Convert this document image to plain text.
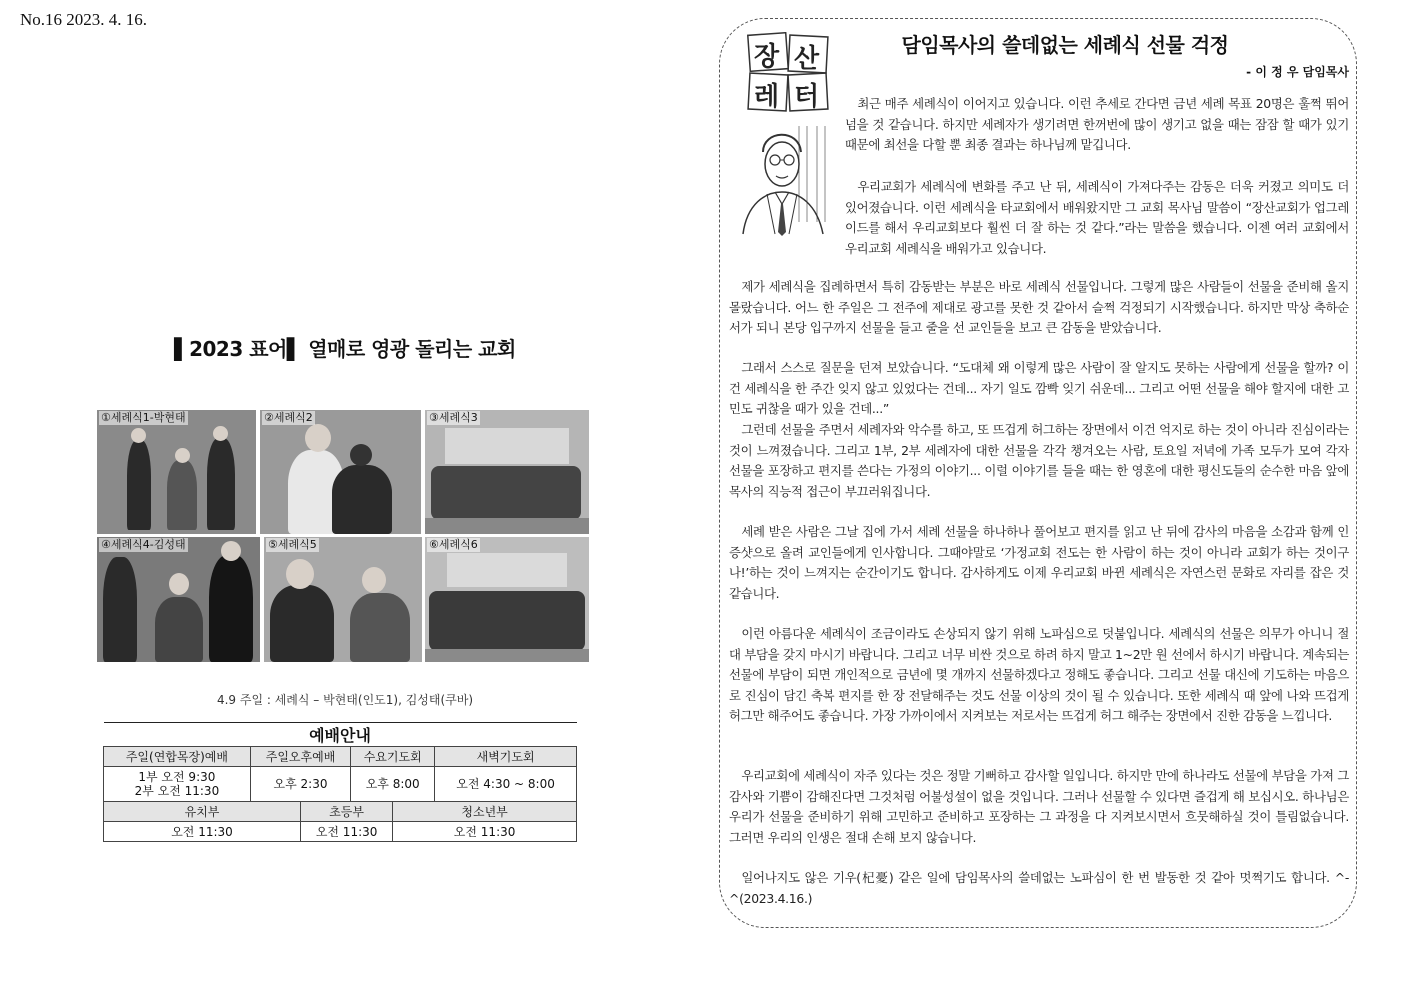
No.16 2023. 4. 16.
▌2023 표어▌ 열매로 영광 돌리는 교회
①세례식1-박현태	②세례식2	③세례식3
④세례식4-김성태	⑤세례식5	⑥세례식6
4.9 주일 : 세례식 – 박현태(인도1), 김성태(쿠바)
예배안내					
주일(연합목장)예배	주일오후예배		수요기도회		새벽기도회
1부 오전 9:30
2부 오전 11:30	오후 2:30		오후 8:00		오전 4:30 ~ 8:00
유치부		초등부		청소년부	
오전 11:30		오전 11:30		오전 11:30	
장 산
레 터
담임목사의 쓸데없는 세례식 선물 걱정
- 이 정 우 담임목사

최근 매주 세례식이 이어지고 있습니다. 이런 추세로 간다면 금년 세례 목표 20명은 훌쩍 뛰어넘을 것 같습니다. 하지만 세례자가 생기려면 한꺼번에 많이 생기고 없을 때는 잠잠 할 때가 있기 때문에 최선을 다할 뿐 최종 결과는 하나님께 맡깁니다.

우리교회가 세례식에 변화를 주고 난 뒤, 세례식이 가져다주는 감동은 더욱 커졌고 의미도 더 있어졌습니다. 이런 세례식을 타교회에서 배워왔지만 그 교회 목사님 말씀이 “장산교회가 업그레이드를 해서 우리교회보다 훨씬 더 잘 하는 것 같다.”라는 말씀을 했습니다. 이젠 여러 교회에서 우리교회 세례식을 배워가고 있습니다.

제가 세례식을 집례하면서 특히 감동받는 부분은 바로 세례식 선물입니다. 그렇게 많은 사람들이 선물을 준비해 올지 몰랐습니다. 어느 한 주일은 그 전주에 제대로 광고를 못한 것 같아서 슬쩍 걱정되기 시작했습니다. 하지만 막상 축하순서가 되니 본당 입구까지 선물을 들고 줄을 선 교인들을 보고 큰 감동을 받았습니다.

그래서 스스로 질문을 던져 보았습니다. “도대체 왜 이렇게 많은 사람이 잘 알지도 못하는 사람에게 선물을 할까? 이건 세례식을 한 주간 잊지 않고 있었다는 건데... 자기 일도 깜빡 잊기 쉬운데... 그리고 어떤 선물을 해야 할지에 대한 고민도 귀찮을 때가 있을 건데...”

그런데 선물을 주면서 세례자와 악수를 하고, 또 뜨겁게 허그하는 장면에서 이건 억지로 하는 것이 아니라 진심이라는 것이 느껴졌습니다. 그리고 1부, 2부 세례자에 대한 선물을 각각 챙겨오는 사람, 토요일 저녁에 가족 모두가 모여 각자 선물을 포장하고 편지를 쓴다는 가정의 이야기... 이럴 이야기를 들을 때는 한 영혼에 대한 평신도들의 순수한 마음 앞에 목사의 직능적 접근이 부끄러워집니다.

세례 받은 사람은 그날 집에 가서 세례 선물을 하나하나 풀어보고 편지를 읽고 난 뒤에 감사의 마음을 소감과 함께 인증샷으로 올려 교인들에게 인사합니다. 그때야말로 ‘가정교회 전도는 한 사람이 하는 것이 아니라 교회가 하는 것이구나!’하는 것이 느껴지는 순간이기도 합니다. 감사하게도 이제 우리교회 바뀐 세례식은 자연스런 문화로 자리를 잡은 것 같습니다.

이런 아름다운 세례식이 조금이라도 손상되지 않기 위해 노파심으로 덧붙입니다. 세례식의 선물은 의무가 아니니 절대 부담을 갖지 마시기 바랍니다. 그리고 너무 비싼 것으로 하려 하지 말고 1~2만 원 선에서 하시기 바랍니다. 계속되는 선물에 부담이 되면 개인적으로 금년에 몇 개까지 선물하겠다고 정해도 좋습니다. 그리고 선물 대신에 기도하는 마음으로 진심이 담긴 축복 편지를 한 장 전달해주는 것도 선물 이상의 것이 될 수 있습니다. 또한 세례식 때 앞에 나와 뜨겁게 허그만 해주어도 좋습니다. 가장 가까이에서 지켜보는 저로서는 뜨겁게 허그 해주는 장면에서 진한 감동을 느낍니다.

우리교회에 세례식이 자주 있다는 것은 정말 기뻐하고 감사할 일입니다. 하지만 만에 하나라도 선물에 부담을 가져 그 감사와 기쁨이 감해진다면 그것처럼 어불성설이 없을 것입니다. 그러나 선물할 수 있다면 즐겁게 해 보십시오. 하나님은 우리가 선물을 준비하기 위해 고민하고 준비하고 포장하는 그 과정을 다 지켜보시면서 흐뭇해하실 것이 틀림없습니다. 그러면 우리의 인생은 절대 손해 보지 않습니다.

일어나지도 않은 기우(杞憂) 같은 일에 담임목사의 쓸데없는 노파심이 한 번 발동한 것 같아 멋쩍기도 합니다. ^-^(2023.4.16.)
